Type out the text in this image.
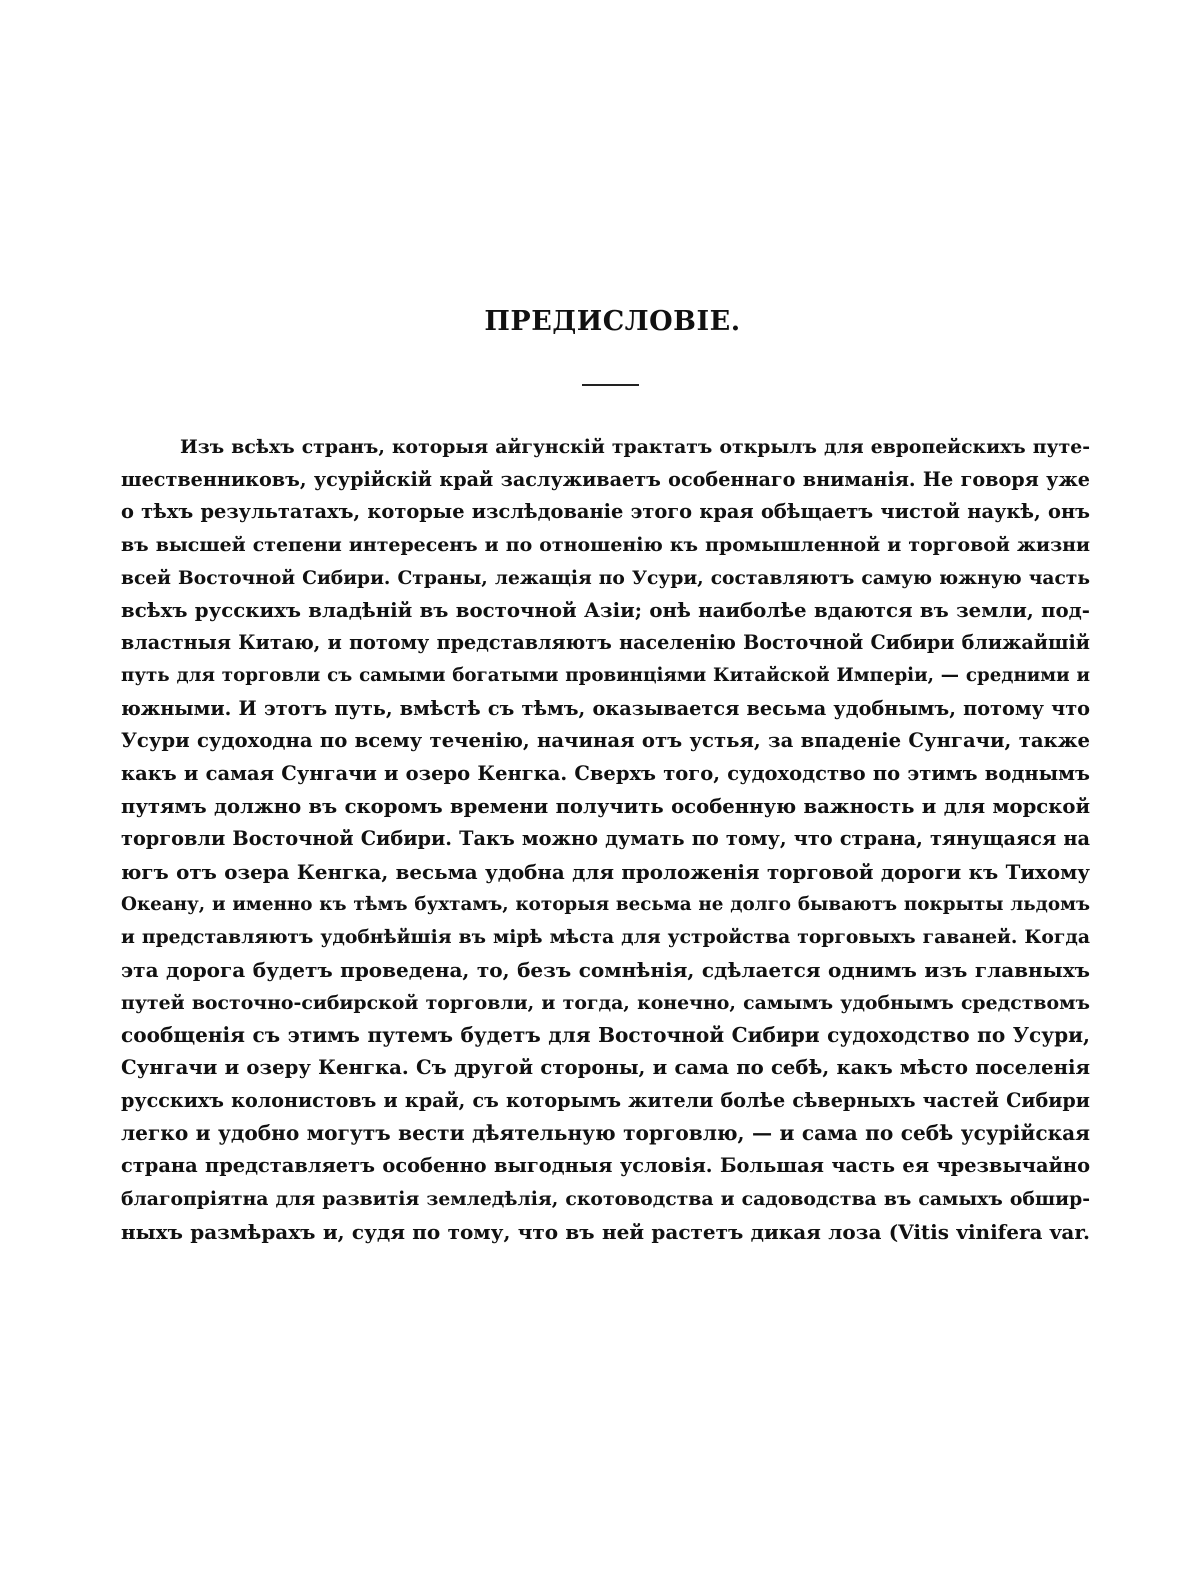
ПРЕДИСЛОВІЕ.
Изъ всѣхъ странъ, которыя айгунскій трактатъ открылъ для европейскихъ путе-
шественниковъ, усурійскій край заслуживаетъ особеннаго вниманія. Не говоря уже
о тѣхъ результатахъ, которые изслѣдованіе этого края обѣщаетъ чистой наукѣ, онъ
въ высшей степени интересенъ и по отношенію къ промышленной и торговой жизни
всей Восточной Сибири. Страны, лежащія по Усури, составляютъ самую южную часть
всѣхъ русскихъ владѣній въ восточной Азіи; онѣ наиболѣе вдаются въ земли, под-
властныя Китаю, и потому представляютъ населенію Восточной Сибири ближайшій
путь для торговли съ самыми богатыми провинціями Китайской Имперіи, — средними и
южными. И этотъ путь, вмѣстѣ съ тѣмъ, оказывается весьма удобнымъ, потому что
Усури судоходна по всему теченію, начиная отъ устья, за впаденіе Сунгачи, также
какъ и самая Сунгачи и озеро Кенгка. Сверхъ того, судоходство по этимъ воднымъ
путямъ должно въ скоромъ времени получить особенную важность и для морской
торговли Восточной Сибири. Такъ можно думать по тому, что страна, тянущаяся на
югъ отъ озера Кенгка, весьма удобна для проложенія торговой дороги къ Тихому
Океану, и именно къ тѣмъ бухтамъ, которыя весьма не долго бываютъ покрыты льдомъ
и представляютъ удобнѣйшія въ мірѣ мѣста для устройства торговыхъ гаваней. Когда
эта дорога будетъ проведена, то, безъ сомнѣнія, сдѣлается однимъ изъ главныхъ
путей восточно-сибирской торговли, и тогда, конечно, самымъ удобнымъ средствомъ
сообщенія съ этимъ путемъ будетъ для Восточной Сибири судоходство по Усури,
Сунгачи и озеру Кенгка. Съ другой стороны, и сама по себѣ, какъ мѣсто поселенія
русскихъ колонистовъ и край, съ которымъ жители болѣе сѣверныхъ частей Сибири
легко и удобно могутъ вести дѣятельную торговлю, — и сама по себѣ усурійская
страна представляетъ особенно выгодныя условія. Большая часть ея чрезвычайно
благопріятна для развитія земледѣлія, скотоводства и садоводства въ самыхъ обшир-
ныхъ размѣрахъ и, судя по тому, что въ ней растетъ дикая лоза (Vitis vinifera var.
